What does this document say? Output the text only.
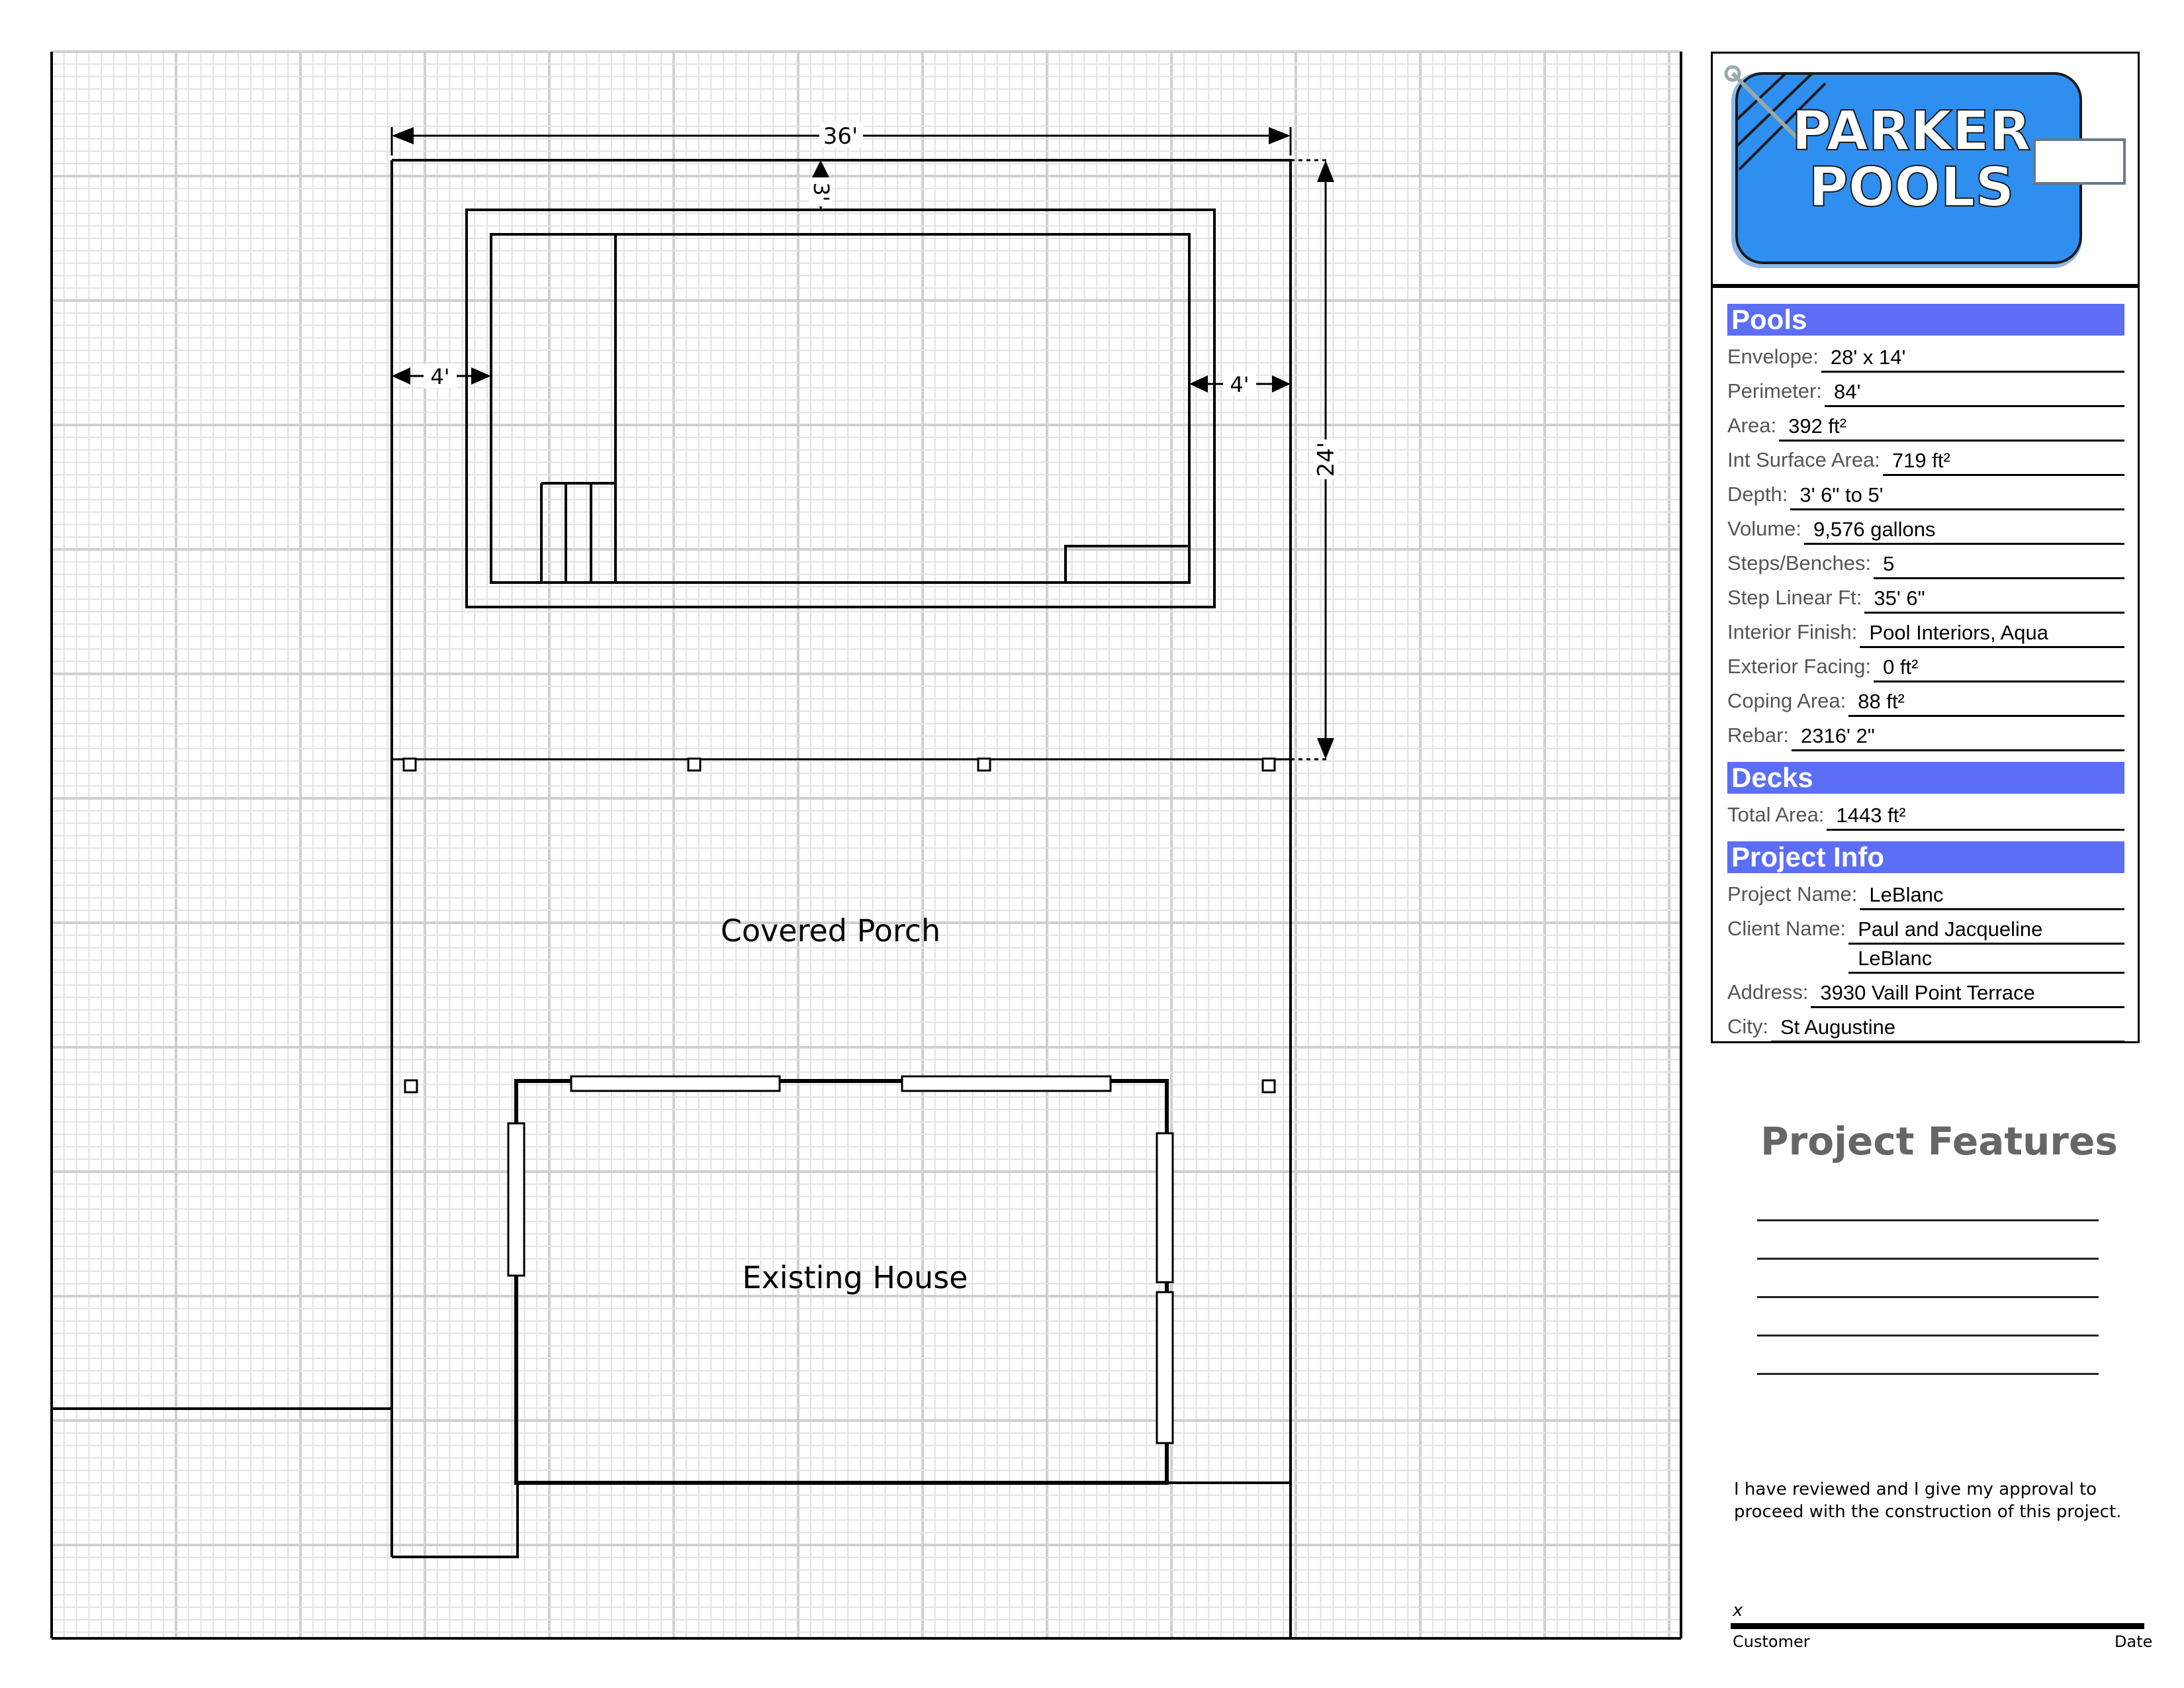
36'
24'
3'
4'	4'
Covered Porch
Existing House
PARKER
POOLS
Pools
Envelope: 28' x 14'
Perimeter: 84'
Area: 392 ft²
Int Surface Area: 719 ft²
Depth: 3' 6" to 5'
Volume: 9,576 gallons
Steps/Benches: 5
Step Linear Ft: 35' 6"
Interior Finish: Pool Interiors, Aqua
Exterior Facing: 0 ft²
Coping Area: 88 ft²
Rebar: 2316' 2"
Decks
Total Area: 1443 ft²
Project Info
Project Name: LeBlanc
Client Name: Paul and Jacqueline
LeBlanc
Address: 3930 Vaill Point Terrace
City: St Augustine
Project Features
I have reviewed and I give my approval to proceed with the construction of this project.
x
Customer	Date
